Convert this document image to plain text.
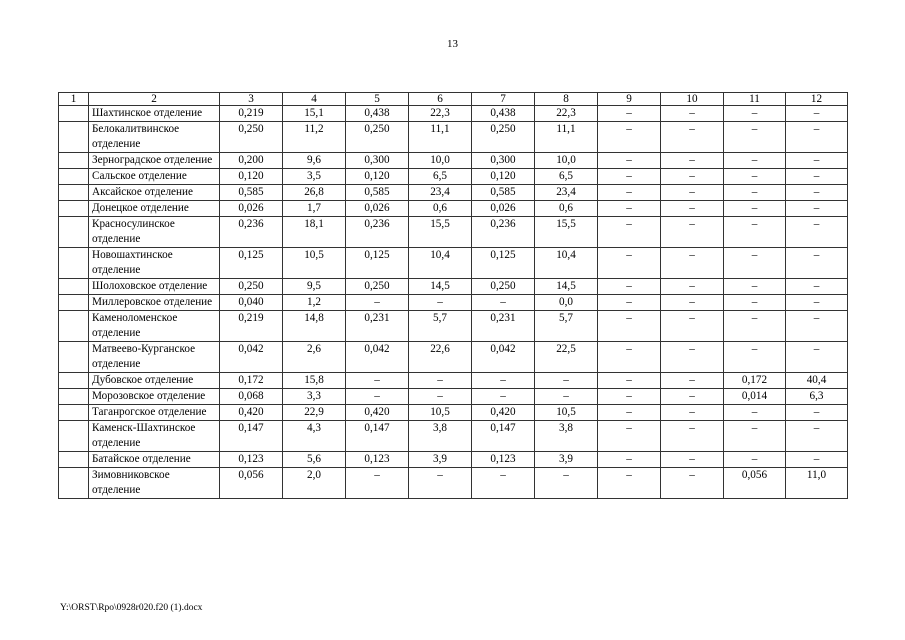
13
1	2	3	4	5	6	7	8	9	10	11	12
	Шахтинское отделение	0,219	15,1	0,438	22,3	0,438	22,3	–	–	–	–
	Белокалитвинское отделение	0,250	11,2	0,250	11,1	0,250	11,1	–	–	–	–
	Зерноградское отделение	0,200	9,6	0,300	10,0	0,300	10,0	–	–	–	–
	Сальское отделение	0,120	3,5	0,120	6,5	0,120	6,5	–	–	–	–
	Аксайское отделение	0,585	26,8	0,585	23,4	0,585	23,4	–	–	–	–
	Донецкое отделение	0,026	1,7	0,026	0,6	0,026	0,6	–	–	–	–
	Красносулинское отделение	0,236	18,1	0,236	15,5	0,236	15,5	–	–	–	–
	Новошахтинское отделение	0,125	10,5	0,125	10,4	0,125	10,4	–	–	–	–
	Шолоховское отделение	0,250	9,5	0,250	14,5	0,250	14,5	–	–	–	–
	Миллеровское отделение	0,040	1,2	–	–	–	0,0	–	–	–	–
	Каменоломенское отделение	0,219	14,8	0,231	5,7	0,231	5,7	–	–	–	–
	Матвеево-Курганское отделение	0,042	2,6	0,042	22,6	0,042	22,5	–	–	–	–
	Дубовское отделение	0,172	15,8	–	–	–	–	–	–	0,172	40,4
	Морозовское отделение	0,068	3,3	–	–	–	–	–	–	0,014	6,3
	Таганрогское отделение	0,420	22,9	0,420	10,5	0,420	10,5	–	–	–	–
	Каменск-Шахтинское отделение	0,147	4,3	0,147	3,8	0,147	3,8	–	–	–	–
	Батайское отделение	0,123	5,6	0,123	3,9	0,123	3,9	–	–	–	–
	Зимовниковское отделение	0,056	2,0	–	–	–	–	–	–	0,056	11,0
Y:\ORST\Rpo\0928r020.f20 (1).docx
